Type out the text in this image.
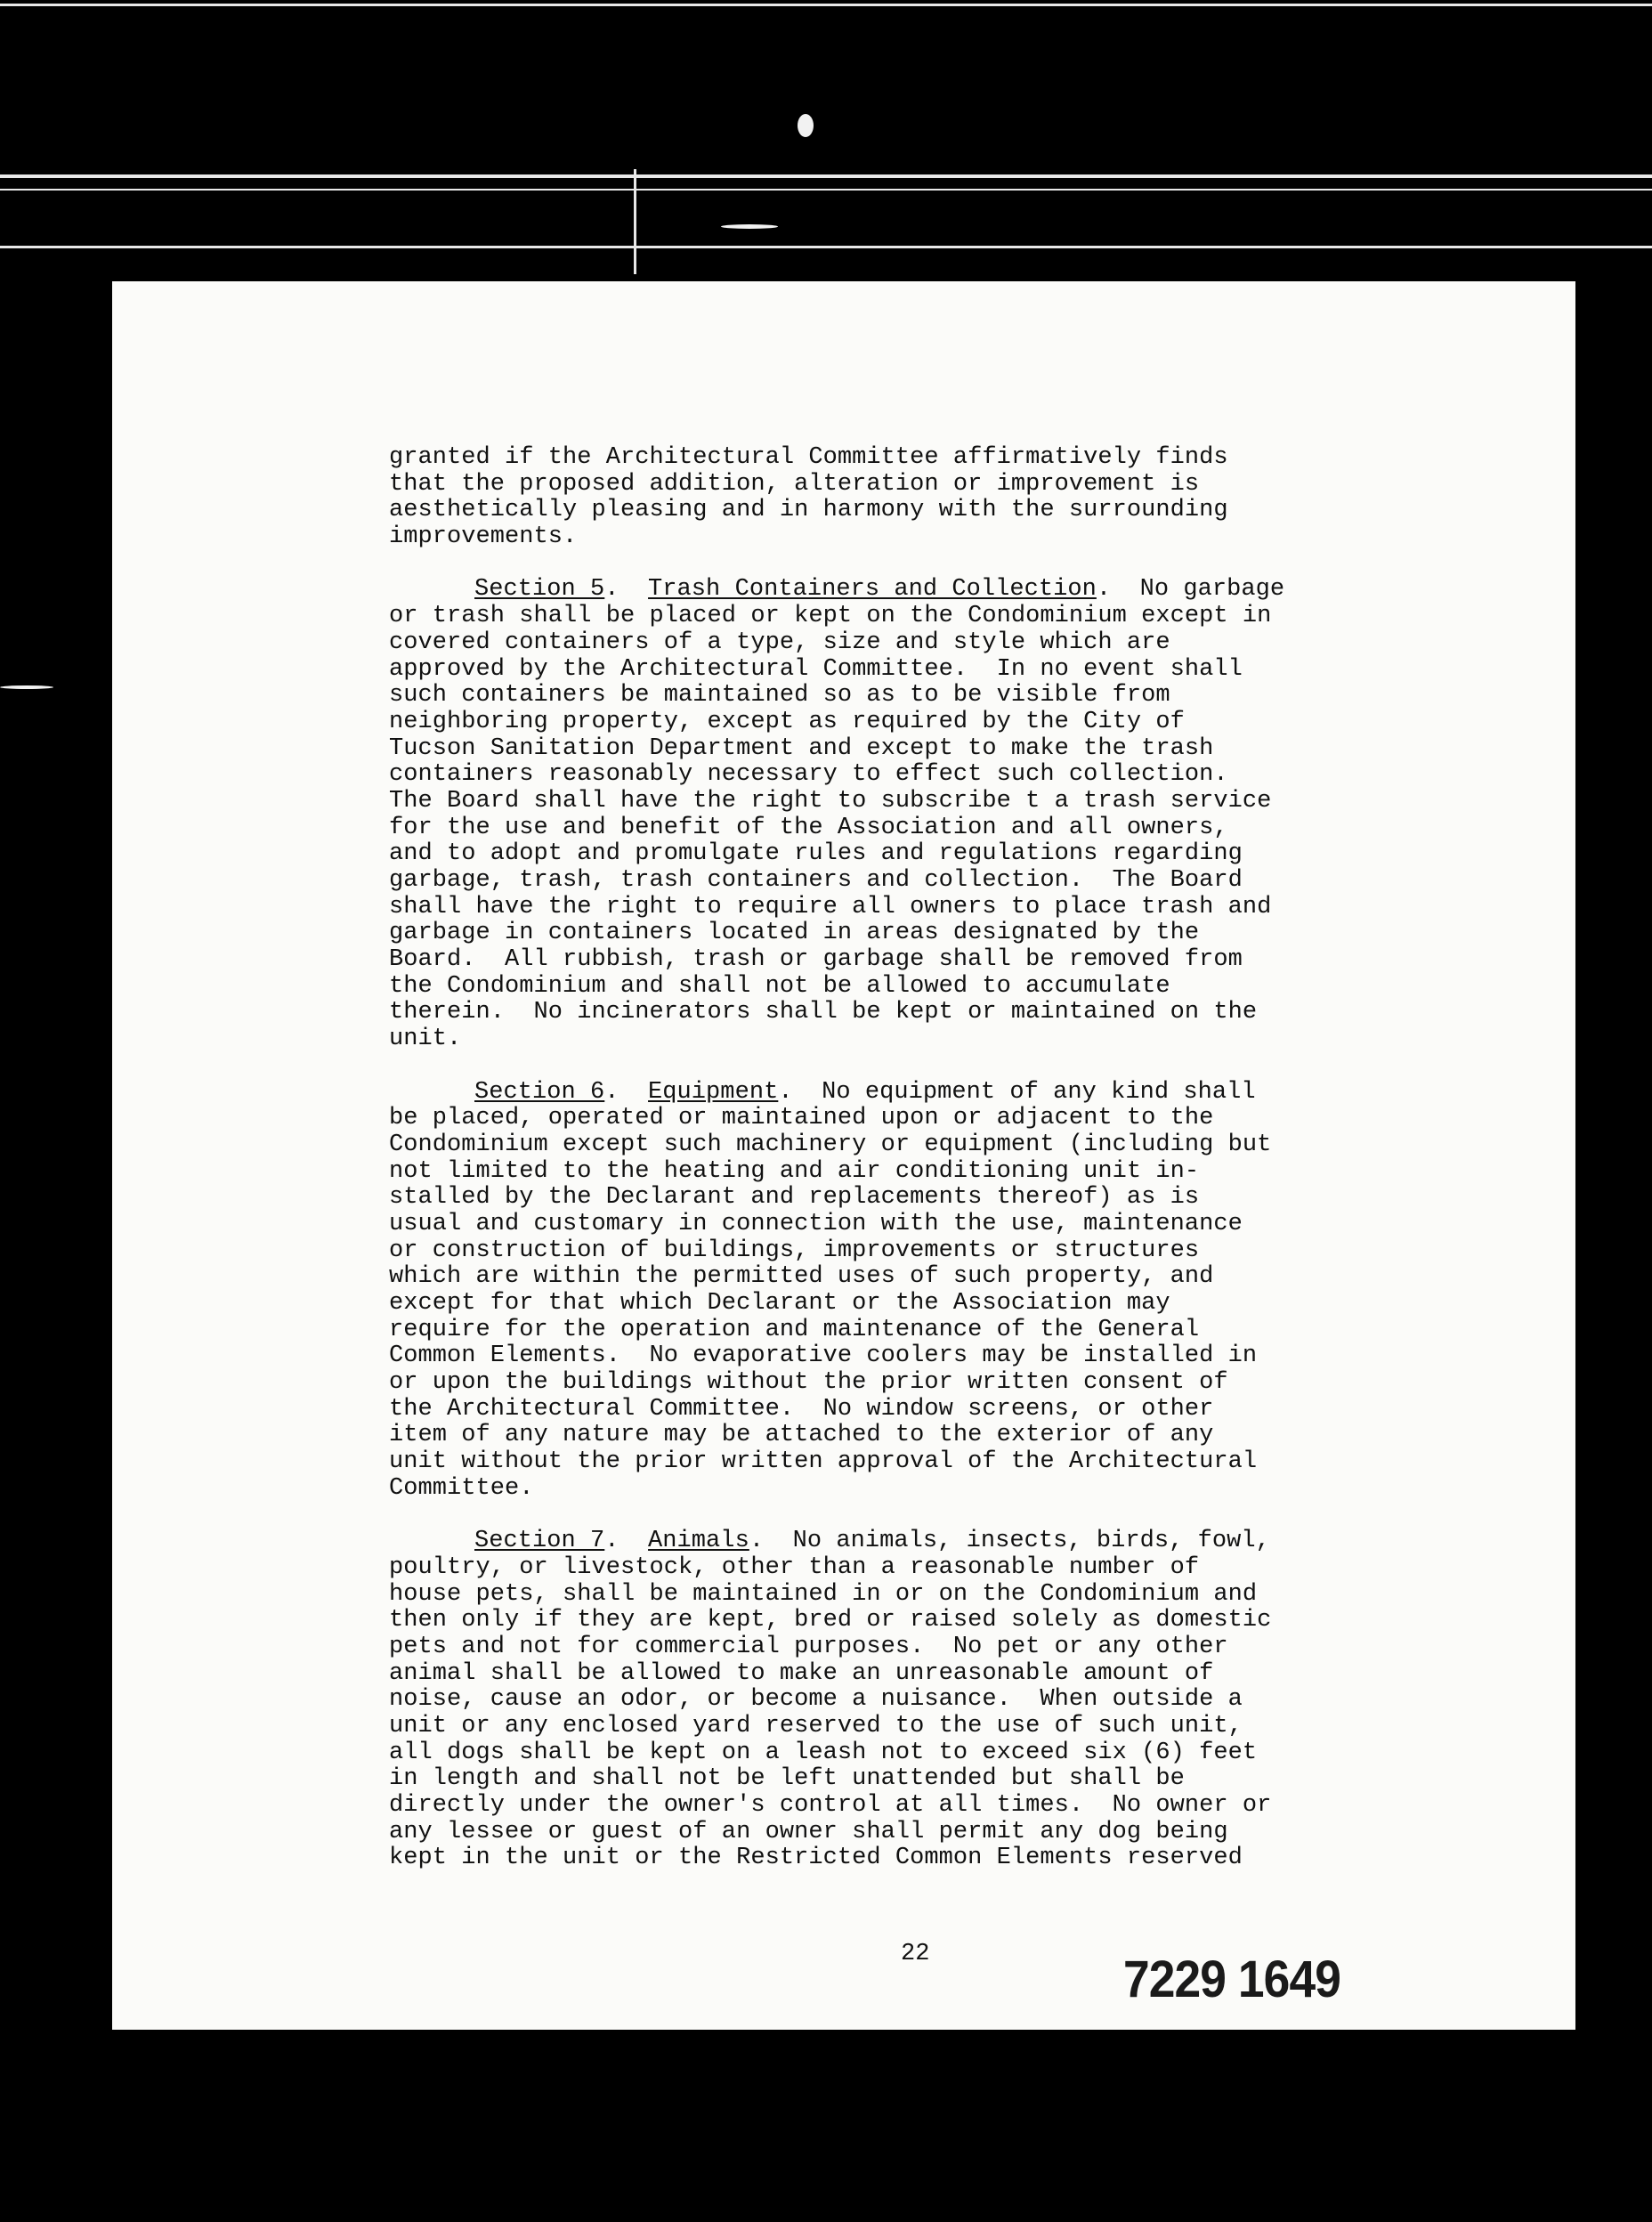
granted if the Architectural Committee affirmatively finds
that the proposed addition, alteration or improvement is
aesthetically pleasing and in harmony with the surrounding
improvements.
Section 5.  Trash Containers and Collection.  No garbage
or trash shall be placed or kept on the Condominium except in
covered containers of a type, size and style which are
approved by the Architectural Committee.  In no event shall
such containers be maintained so as to be visible from
neighboring property, except as required by the City of
Tucson Sanitation Department and except to make the trash
containers reasonably necessary to effect such collection.
The Board shall have the right to subscribe t a trash service
for the use and benefit of the Association and all owners,
and to adopt and promulgate rules and regulations regarding
garbage, trash, trash containers and collection.  The Board
shall have the right to require all owners to place trash and
garbage in containers located in areas designated by the
Board.  All rubbish, trash or garbage shall be removed from
the Condominium and shall not be allowed to accumulate
therein.  No incinerators shall be kept or maintained on the
unit.
Section 6.  Equipment.  No equipment of any kind shall
be placed, operated or maintained upon or adjacent to the
Condominium except such machinery or equipment (including but
not limited to the heating and air conditioning unit in-
stalled by the Declarant and replacements thereof) as is
usual and customary in connection with the use, maintenance
or construction of buildings, improvements or structures
which are within the permitted uses of such property, and
except for that which Declarant or the Association may
require for the operation and maintenance of the General
Common Elements.  No evaporative coolers may be installed in
or upon the buildings without the prior written consent of
the Architectural Committee.  No window screens, or other
item of any nature may be attached to the exterior of any
unit without the prior written approval of the Architectural
Committee.
Section 7.  Animals.  No animals, insects, birds, fowl,
poultry, or livestock, other than a reasonable number of
house pets, shall be maintained in or on the Condominium and
then only if they are kept, bred or raised solely as domestic
pets and not for commercial purposes.  No pet or any other
animal shall be allowed to make an unreasonable amount of
noise, cause an odor, or become a nuisance.  When outside a
unit or any enclosed yard reserved to the use of such unit,
all dogs shall be kept on a leash not to exceed six (6) feet
in length and shall not be left unattended but shall be
directly under the owner's control at all times.  No owner or
any lessee or guest of an owner shall permit any dog being
kept in the unit or the Restricted Common Elements reserved
22	7229 1649
